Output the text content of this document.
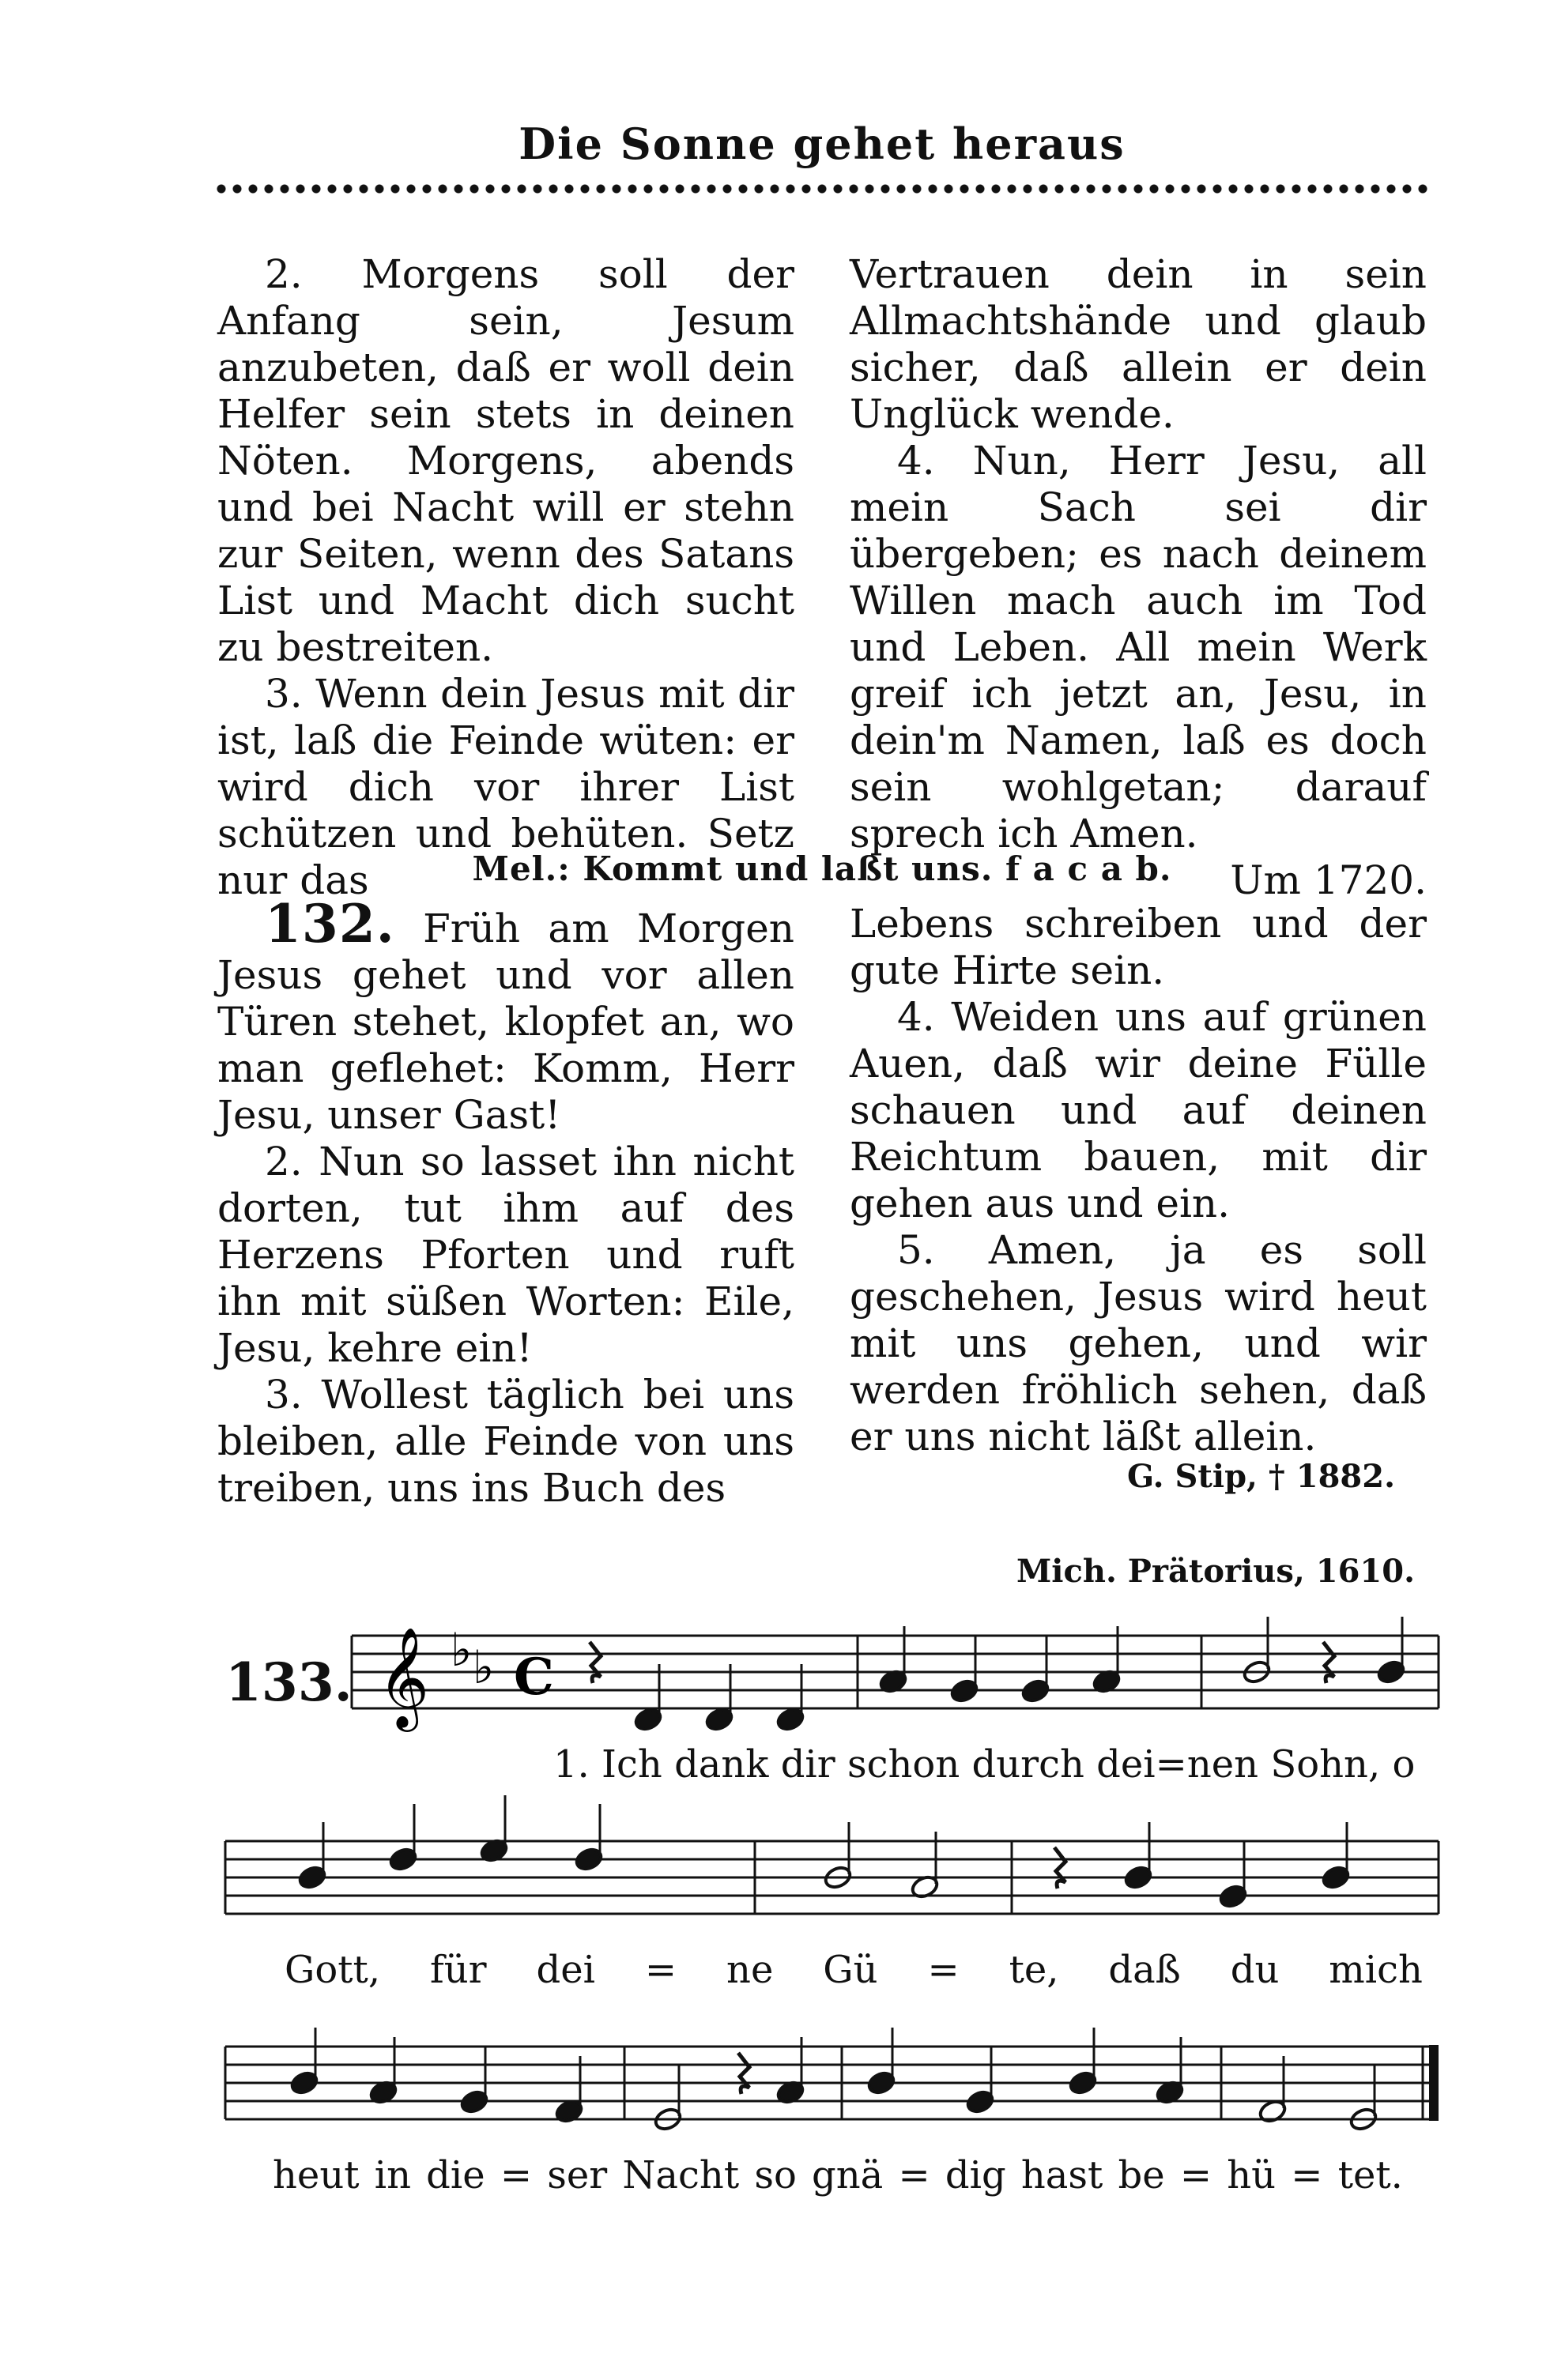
Die Sonne gehet heraus

2. Morgens soll der Anfang sein, Jesum anzubeten, daß er woll dein Helfer sein stets in deinen Nöten. Morgens, abends und bei Nacht will er stehn zur Seiten, wenn des Satans List und Macht dich sucht zu bestreiten.

3. Wenn dein Jesus mit dir ist, laß die Feinde wüten: er wird dich vor ihrer List schützen und behüten. Setz nur das

Vertrauen dein in sein Allmachtshände und glaub sicher, daß allein er dein Unglück wende.

4. Nun, Herr Jesu, all mein Sach sei dir übergeben; es nach deinem Willen mach auch im Tod und Leben. All mein Werk greif ich jetzt an, Jesu, in dein'm Namen, laß es doch sein wohlgetan; darauf sprech ich Amen.

Um 1720.

Mel.: Kommt und laßt uns. f a c a b.

132. Früh am Morgen Jesus gehet und vor allen Türen stehet, klopfet an, wo man geflehet: Komm, Herr Jesu, unser Gast!

2. Nun so lasset ihn nicht dorten, tut ihm auf des Herzens Pforten und ruft ihn mit süßen Worten: Eile, Jesu, kehre ein!

3. Wollest täglich bei uns bleiben, alle Feinde von uns treiben, uns ins Buch des

Lebens schreiben und der gute Hirte sein.

4. Weiden uns auf grünen Auen, daß wir deine Fülle schauen und auf deinen Reichtum bauen, mit dir gehen aus und ein.

5. Amen, ja es soll geschehen, Jesus wird heut mit uns gehen, und wir werden fröhlich sehen, daß er uns nicht läßt allein.

G. Stip, † 1882.
Mich. Prätorius, 1610.
133. 𝄞 ♭ ♭ C
1. Ich dank dir schon durch dei=nen Sohn, o
Gott, für dei = ne Gü = te, daß du mich
heut in die = ser Nacht so gnä = dig hast be = hü = tet.
